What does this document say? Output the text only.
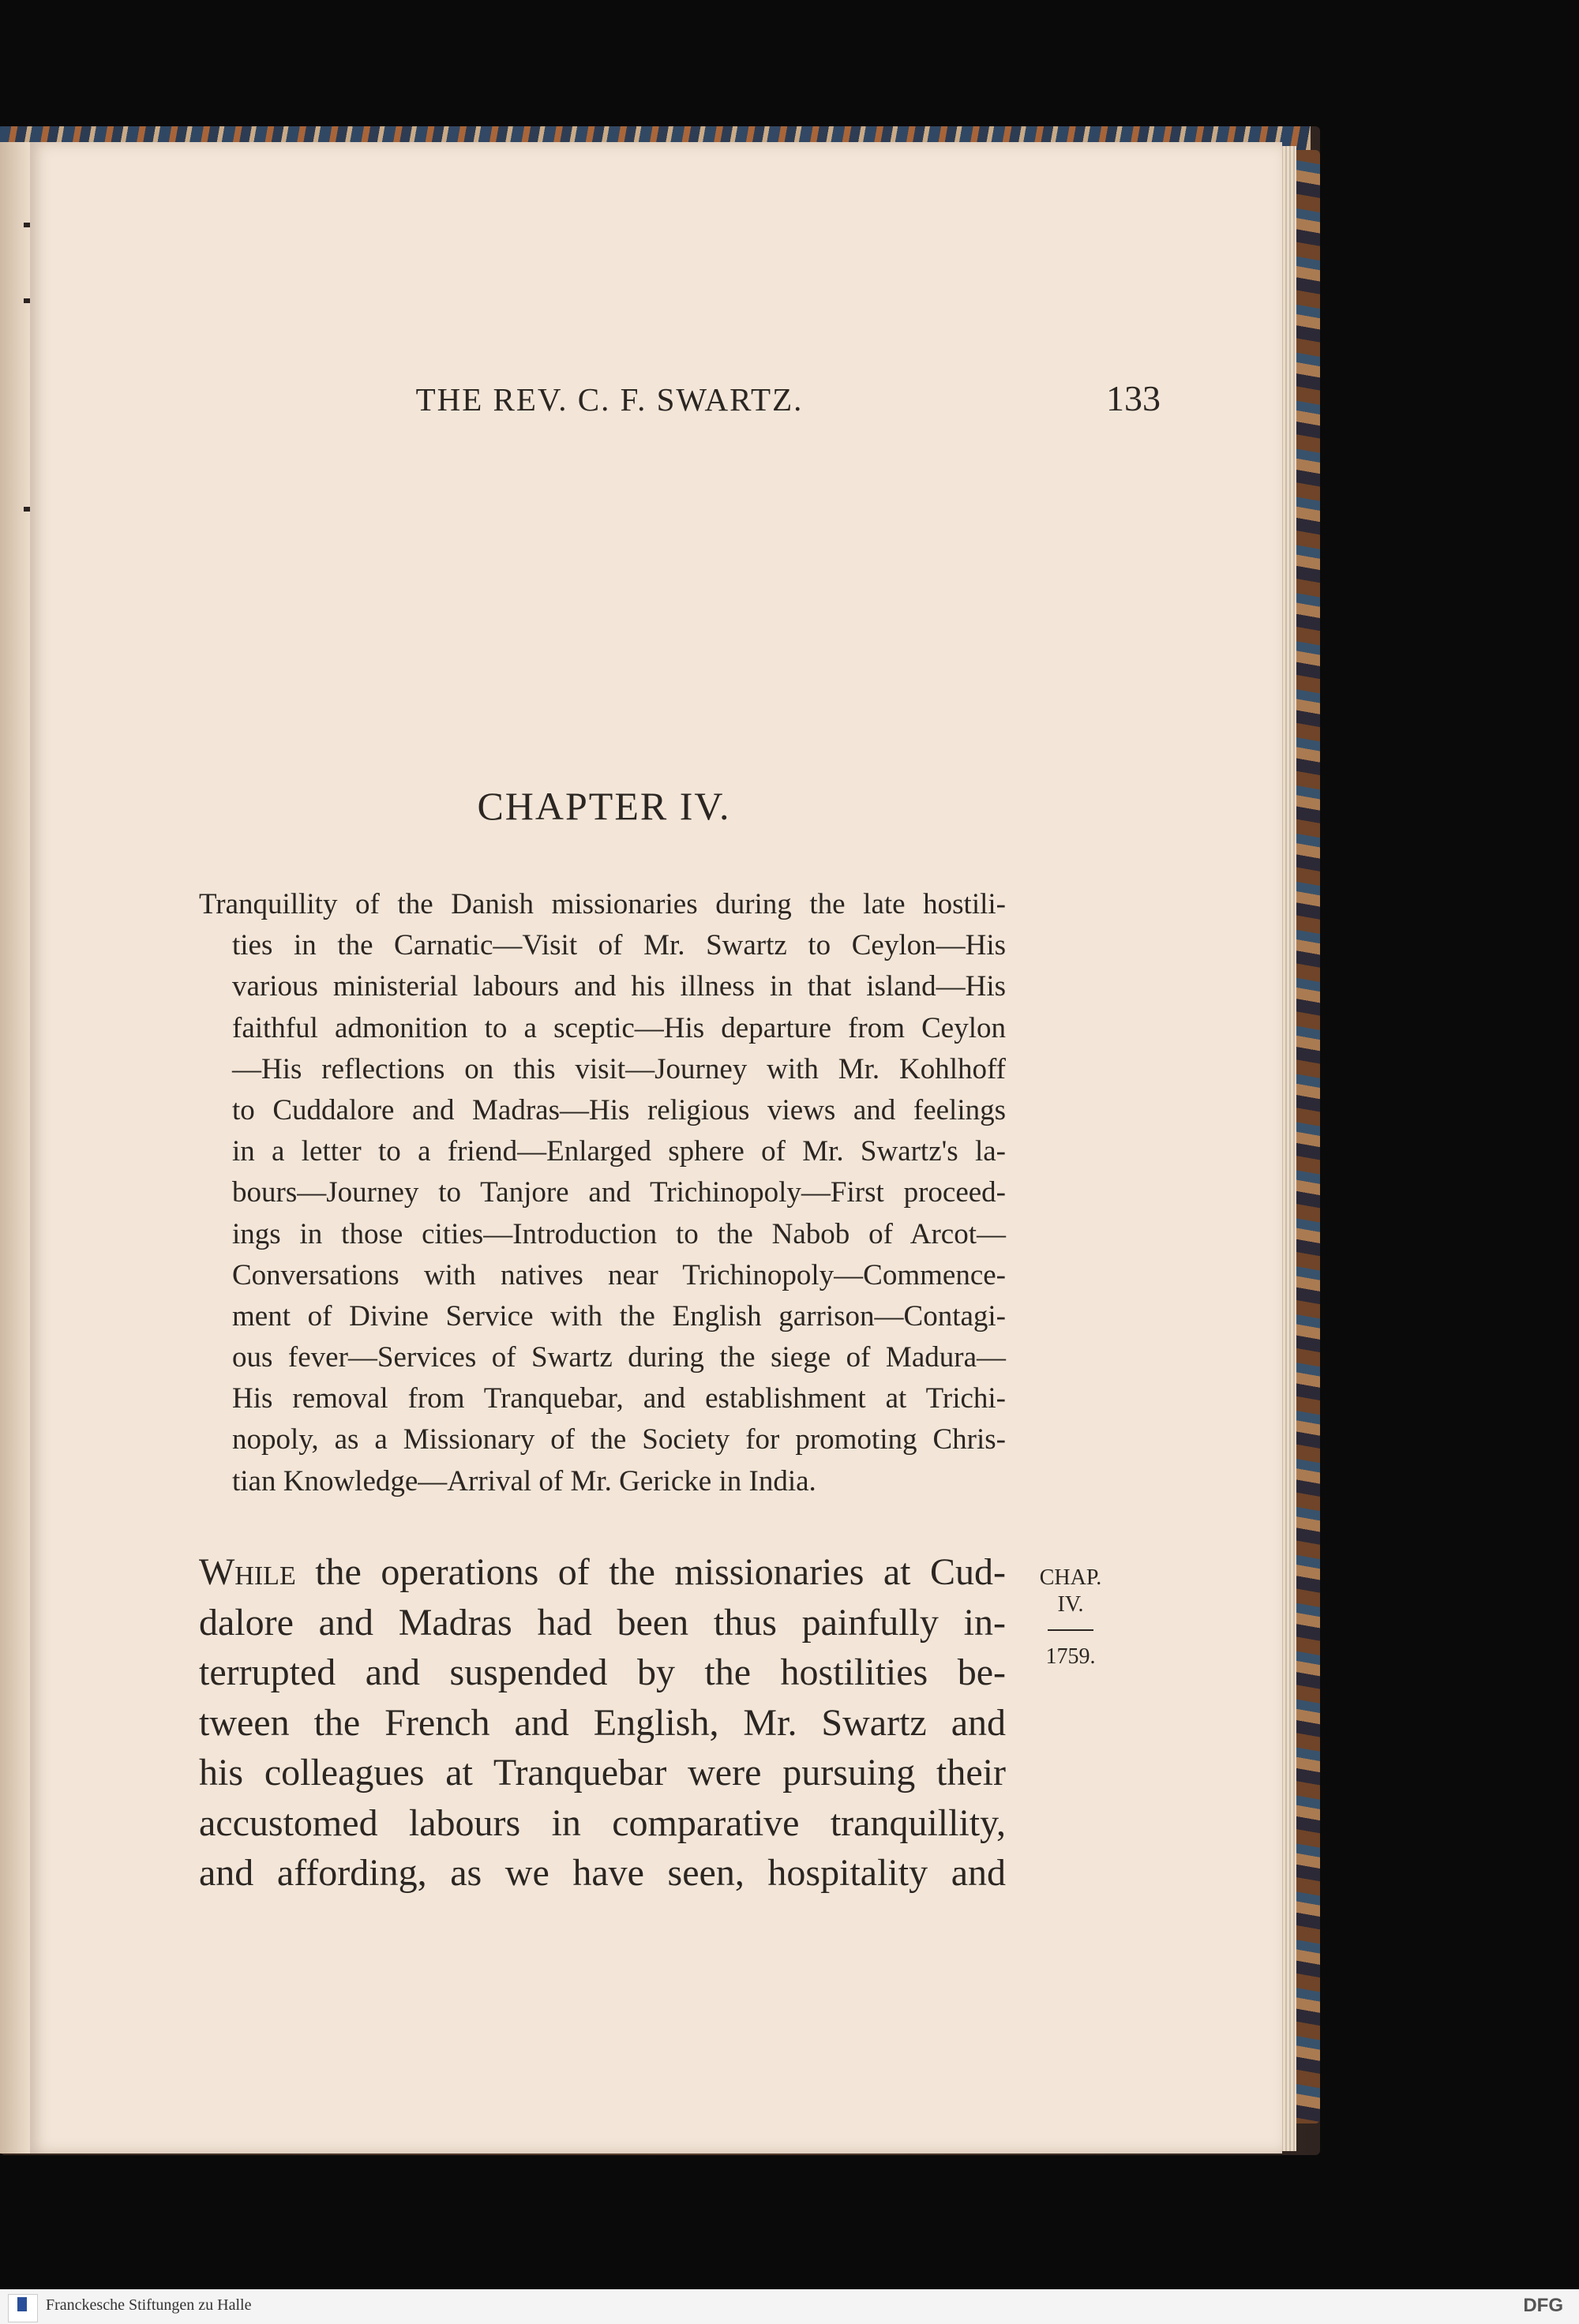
THE REV. C. F. SWARTZ.	133
CHAPTER IV.
Tranquillity of the Danish missionaries during the late hostili-
ties in the Carnatic—Visit of Mr. Swartz to Ceylon—His
various ministerial labours and his illness in that island—His
faithful admonition to a sceptic—His departure from Ceylon
—His reflections on this visit—Journey with Mr. Kohlhoff
to Cuddalore and Madras—His religious views and feelings
in a letter to a friend—Enlarged sphere of Mr. Swartz's la-
bours—Journey to Tanjore and Trichinopoly—First proceed-
ings in those cities—Introduction to the Nabob of Arcot—
Conversations with natives near Trichinopoly—Commence-
ment of Divine Service with the English garrison—Contagi-
ous fever—Services of Swartz during the siege of Madura—
His removal from Tranquebar, and establishment at Trichi-
nopoly, as a Missionary of the Society for promoting Chris-
tian Knowledge—Arrival of Mr. Gericke in India.
While the operations of the missionaries at Cud-
dalore and Madras had been thus painfully in-
terrupted and suspended by the hostilities be-
tween the French and English, Mr. Swartz and
his colleagues at Tranquebar were pursuing their
accustomed labours in comparative tranquillity,
and affording, as we have seen, hospitality and
CHAP.
IV.
1759.
Franckesche Stiftungen zu Halle	DFG
